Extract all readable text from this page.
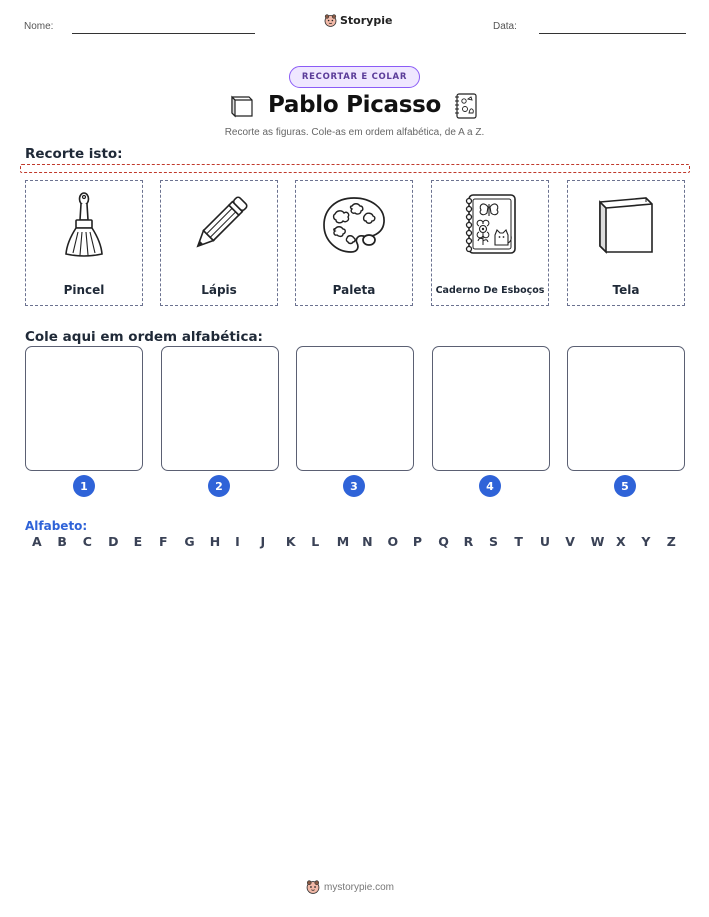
Nome:	Storypie	Data:
RECORTAR E COLAR
Pablo Picasso
Recorte as figuras. Cole-as em ordem alfabética, de A a Z.
Recorte isto:
Pincel	Lápis	Paleta	Caderno De Esboços	Tela
Cole aqui em ordem alfabética:
1	2	3	4	5
Alfabeto:
A	B	C	D	E	F	G	H	I	J	K	L	M	N	O	P	Q	R	S	T	U	V	W X	Y	Z
mystorypie.com
